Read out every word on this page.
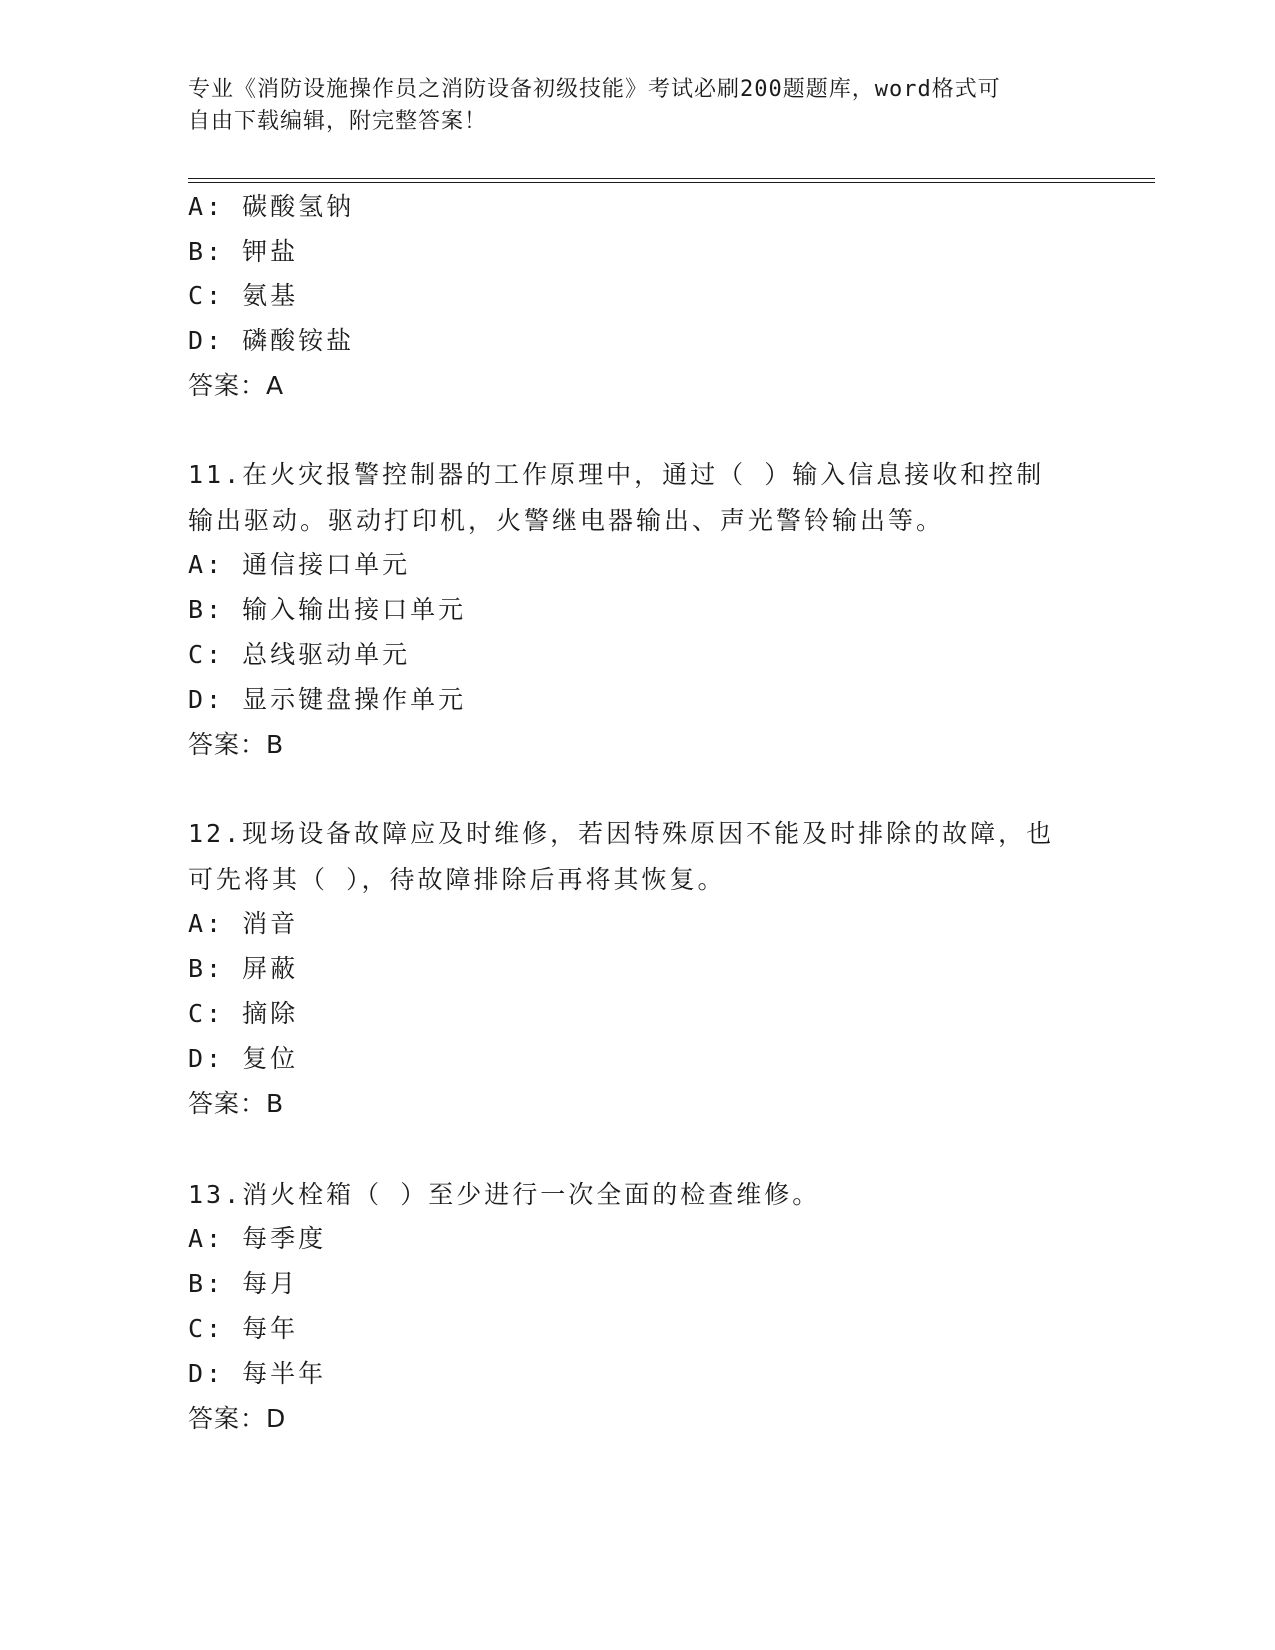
专业《消防设施操作员之消防设备初级技能》考试必刷200题题库，word格式可
自由下载编辑，附完整答案！
A: 碳酸氢钠
B: 钾盐
C: 氨基
D: 磷酸铵盐
答案：A
11.在火灾报警控制器的工作原理中，通过（ ）输入信息接收和控制
输出驱动。驱动打印机，火警继电器输出、声光警铃输出等。
A: 通信接口单元
B: 输入输出接口单元
C: 总线驱动单元
D: 显示键盘操作单元
答案：B
12.现场设备故障应及时维修，若因特殊原因不能及时排除的故障，也
可先将其（ ），待故障排除后再将其恢复。
A: 消音
B: 屏蔽
C: 摘除
D: 复位
答案：B
13.消火栓箱（ ）至少进行一次全面的检查维修。
A: 每季度
B: 每月
C: 每年
D: 每半年
答案：D
